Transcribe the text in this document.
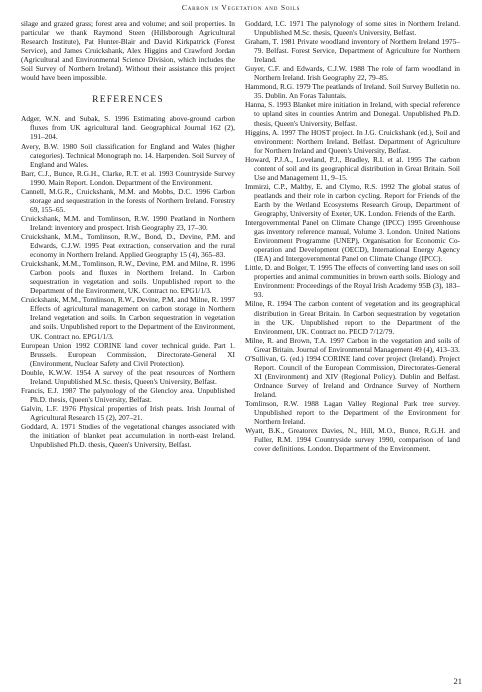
Carbon in Vegetation and Soils

silage and grazed grass; forest area and volume; and soil properties. In particular we thank Raymond Steen (Hillsborough Agricultural Research Institute), Pat Hunter-Blair and David Kirkpatrick (Forest Service), and James Cruickshank, Alex Higgins and Crawford Jordan (Agricultural and Environmental Science Division, which includes the Soil Survey of Northern Ireland). Without their assistance this project would have been impossible.

REFERENCES

Adger, W.N. and Subak, S. 1996 Estimating above-ground carbon fluxes from UK agricultural land. Geographical Journal 162 (2), 191–204.

Avery, B.W. 1980 Soil classification for England and Wales (higher categories). Technical Monograph no. 14. Harpenden. Soil Survey of England and Wales.

Barr, C.J., Bunce, R.G.H., Clarke, R.T. et al. 1993 Countryside Survey 1990. Main Report. London. Department of the Environment.

Cannell, M.G.R., Cruickshank, M.M. and Mobbs, D.C. 1996 Carbon storage and sequestration in the forests of Northern Ireland. Forestry 69, 155–65.

Cruickshank, M.M. and Tomlinson, R.W. 1990 Peatland in Northern Ireland: inventory and prospect. Irish Geography 23, 17–30.

Cruickshank, M.M., Tomlinson, R.W., Bond, D., Devine, P.M. and Edwards, C.J.W. 1995 Peat extraction, conservation and the rural economy in Northern Ireland. Applied Geography 15 (4), 365–83.

Cruickshank, M.M., Tomlinson, R.W., Devine, P.M. and Milne, R. 1996 Carbon pools and fluxes in Northern Ireland. In Carbon sequestration in vegetation and soils. Unpublished report to the Department of the Environment, UK. Contract no. EPG1/1/3.

Cruickshank, M.M., Tomlinson, R.W., Devine, P.M. and Milne, R. 1997 Effects of agricultural management on carbon storage in Northern Ireland vegetation and soils. In Carbon sequestration in vegetation and soils. Unpublished report to the Department of the Environment, UK. Contract no. EPG1/1/3.

European Union 1992 CORINE land cover technical guide. Part 1. Brussels. European Commission, Directorate-General XI (Environment, Nuclear Safety and Civil Protection).

Double, K.W.W. 1954 A survey of the peat resources of Northern Ireland. Unpublished M.Sc. thesis, Queen's University, Belfast.

Francis, E.J. 1987 The palynology of the Glencloy area. Unpublished Ph.D. thesis, Queen's University, Belfast.

Galvin, L.F. 1976 Physical properties of Irish peats. Irish Journal of Agricultural Research 15 (2), 207–21.

Goddard, A. 1971 Studies of the vegetational changes associated with the initiation of blanket peat accumulation in north-east Ireland. Unpublished Ph.D. thesis, Queen's University, Belfast.

Goddard, I.C. 1971 The palynology of some sites in Northern Ireland. Unpublished M.Sc. thesis, Queen's University, Belfast.

Graham, T. 1981 Private woodland inventory of Northern Ireland 1975–79. Belfast. Forest Service, Department of Agriculture for Northern Ireland.

Guyer, C.F. and Edwards, C.J.W. 1988 The role of farm woodland in Northern Ireland. Irish Geography 22, 79–85.

Hammond, R.G. 1979 The peatlands of Ireland. Soil Survey Bulletin no. 35. Dublin. An Foras Taluntais.

Hanna, S. 1993 Blanket mire initiation in Ireland, with special reference to upland sites in counties Antrim and Donegal. Unpublished Ph.D. thesis, Queen's University, Belfast.

Higgins, A. 1997 The HOST project. In J.G. Cruickshank (ed.), Soil and environment: Northern Ireland. Belfast. Department of Agriculture for Northern Ireland and Queen's University, Belfast.

Howard, P.J.A., Loveland, P.J., Bradley, R.I. et al. 1995 The carbon content of soil and its geographical distribution in Great Britain. Soil Use and Management 11, 9–15.

Immirzi, C.P., Maltby, E. and Clymo, R.S. 1992 The global status of peatlands and their role in carbon cycling. Report for Friends of the Earth by the Wetland Ecosystems Research Group, Department of Geography, University of Exeter, UK. London. Friends of the Earth.

Intergovernmental Panel on Climate Change (IPCC) 1995 Greenhouse gas inventory reference manual, Volume 3. London. United Nations Environment Programme (UNEP), Organisation for Economic Co-operation and Development (OECD), International Energy Agency (IEA) and Intergovernmental Panel on Climate Change (IPCC).

Little, D. and Bolger, T. 1995 The effects of converting land uses on soil properties and animal communities in brown earth soils. Biology and Environment: Proceedings of the Royal Irish Academy 95B (3), 183–93.

Milne, R. 1994 The carbon content of vegetation and its geographical distribution in Great Britain. In Carbon sequestration by vegetation in the UK. Unpublished report to the Department of the Environment, UK. Contract no. PECD 7/12/79.

Milne, R. and Brown, T.A. 1997 Carbon in the vegetation and soils of Great Britain. Journal of Environmental Management 49 (4), 413–33.

O'Sullivan, G. (ed.) 1994 CORINE land cover project (Ireland). Project Report. Council of the European Commission, Directorates-General XI (Environment) and XIV (Regional Policy). Dublin and Belfast. Ordnance Survey of Ireland and Ordnance Survey of Northern Ireland.

Tomlinson, R.W. 1988 Lagan Valley Regional Park tree survey. Unpublished report to the Department of the Environment for Northern Ireland.

Wyatt, B.K., Greatorex Davies, N., Hill, M.O., Bunce, R.G.H. and Fuller, R.M. 1994 Countryside survey 1990, comparison of land cover definitions. London. Department of the Environment.

21
